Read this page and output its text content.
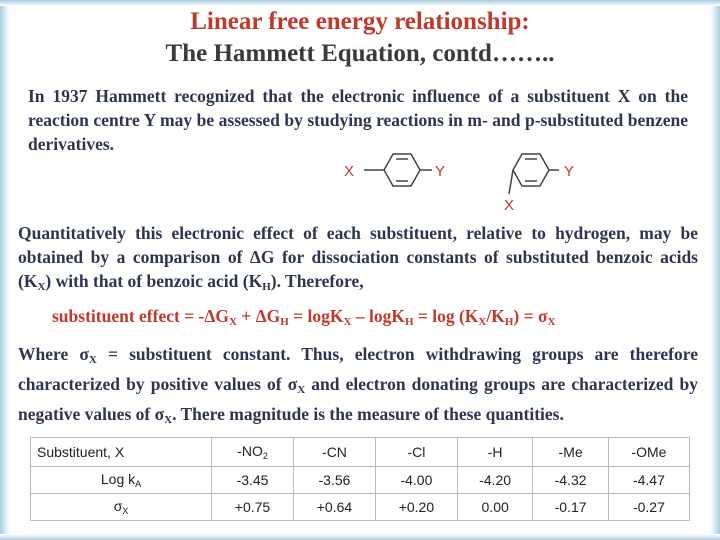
Linear free energy relationship:
The Hammett Equation, contd……..
In 1937 Hammett recognized that the electronic influence of a substituent X on the reaction centre Y may be assessed by studying reactions in m- and p-substituted benzene derivatives.
X	Y	Y
X
Quantitatively this electronic effect of each substituent, relative to hydrogen, may be obtained by a comparison of ΔG for dissociation constants of substituted benzoic acids $(K_X)$ with that of benzoic acid $(K_H)$. Therefore,
substituent effect = $-\Delta G_X + \Delta G_H = \log K_X - \log K_H = \log (K_X/K_H) = \sigma_X$
Where $\sigma_X$ = substituent constant. Thus, electron withdrawing groups are therefore characterized by positive values of $\sigma_X$ and electron donating groups are characterized by negative values of $\sigma_X$. There magnitude is the measure of these quantities.
Substituent, X	$-NO_2$	-CN	-Cl	-H	-Me	-OMe
Log $k_A$	-3.45	-3.56	-4.00	-4.20	-4.32	-4.47
$\sigma_X$	+0.75	+0.64	+0.20	0.00	-0.17	-0.27
